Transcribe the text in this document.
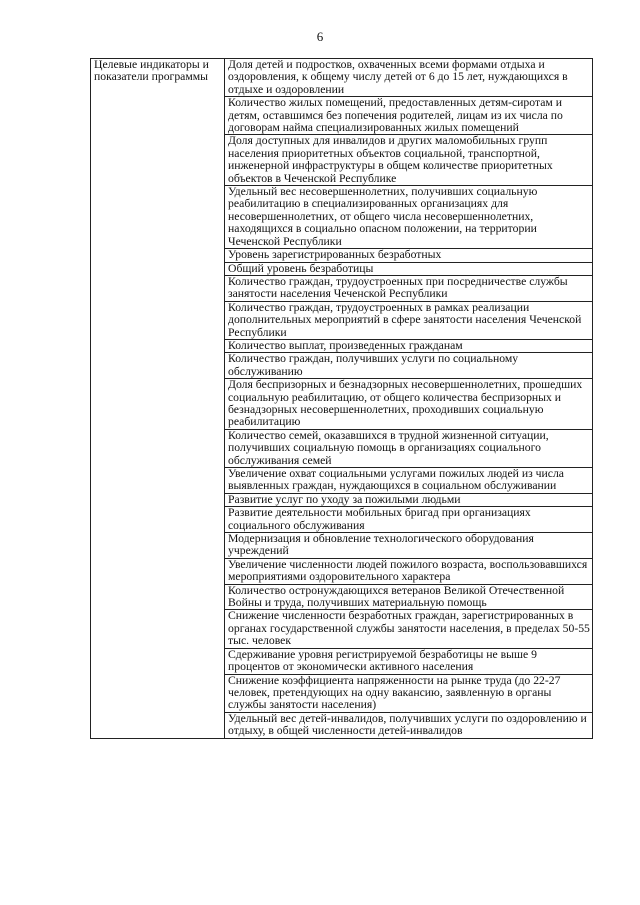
6
Целевые индикаторы и показатели программы	Доля детей и подростков, охваченных всеми формами отдыха и оздоровления, к общему числу детей от 6 до 15 лет, нуждающихся в отдыхе и оздоровлении
Количество жилых помещений, предоставленных детям-сиротам и детям, оставшимся без попечения родителей, лицам из их числа по договорам найма специализированных жилых помещений
Доля доступных для инвалидов и других маломобильных групп населения приоритетных объектов социальной, транспортной, инженерной инфраструктуры в общем количестве приоритетных объектов в Чеченской Республике
Удельный вес несовершеннолетних, получивших социальную реабилитацию в специализированных организациях для несовершеннолетних, от общего числа несовершеннолетних, находящихся в социально опасном положении, на территории Чеченской Республики
Уровень зарегистрированных безработных
Общий уровень безработицы
Количество граждан, трудоустроенных при посредничестве службы занятости населения Чеченской Республики
Количество граждан, трудоустроенных в рамках реализации дополнительных мероприятий в сфере занятости населения Чеченской Республики
Количество выплат, произведенных гражданам
Количество граждан, получивших услуги по социальному обслуживанию
Доля беспризорных и безнадзорных несовершеннолетних, прошедших социальную реабилитацию, от общего количества беспризорных и безнадзорных несовершеннолетних, проходивших социальную реабилитацию
Количество семей, оказавшихся в трудной жизненной ситуации, получивших социальную помощь в организациях социального обслуживания семей
Увеличение охват социальными услугами пожилых людей из числа выявленных граждан, нуждающихся в социальном обслуживании
Развитие услуг по уходу за пожилыми людьми
Развитие деятельности мобильных бригад при организациях социального обслуживания
Модернизация и обновление технологического оборудования учреждений
Увеличение численности людей пожилого возраста, воспользовавшихся мероприятиями оздоровительного характера
Количество остронуждающихся ветеранов Великой Отечественной Войны и труда, получивших материальную помощь
Снижение численности безработных граждан, зарегистрированных в органах государственной службы занятости населения, в пределах 50-55 тыс. человек
Сдерживание уровня регистрируемой безработицы не выше 9 процентов от экономически активного населения
Снижение коэффициента напряженности на рынке труда (до 22-27 человек, претендующих на одну вакансию, заявленную в органы службы занятости населения)
Удельный вес детей-инвалидов, получивших услуги по оздоровлению и отдыху, в общей численности детей-инвалидов
